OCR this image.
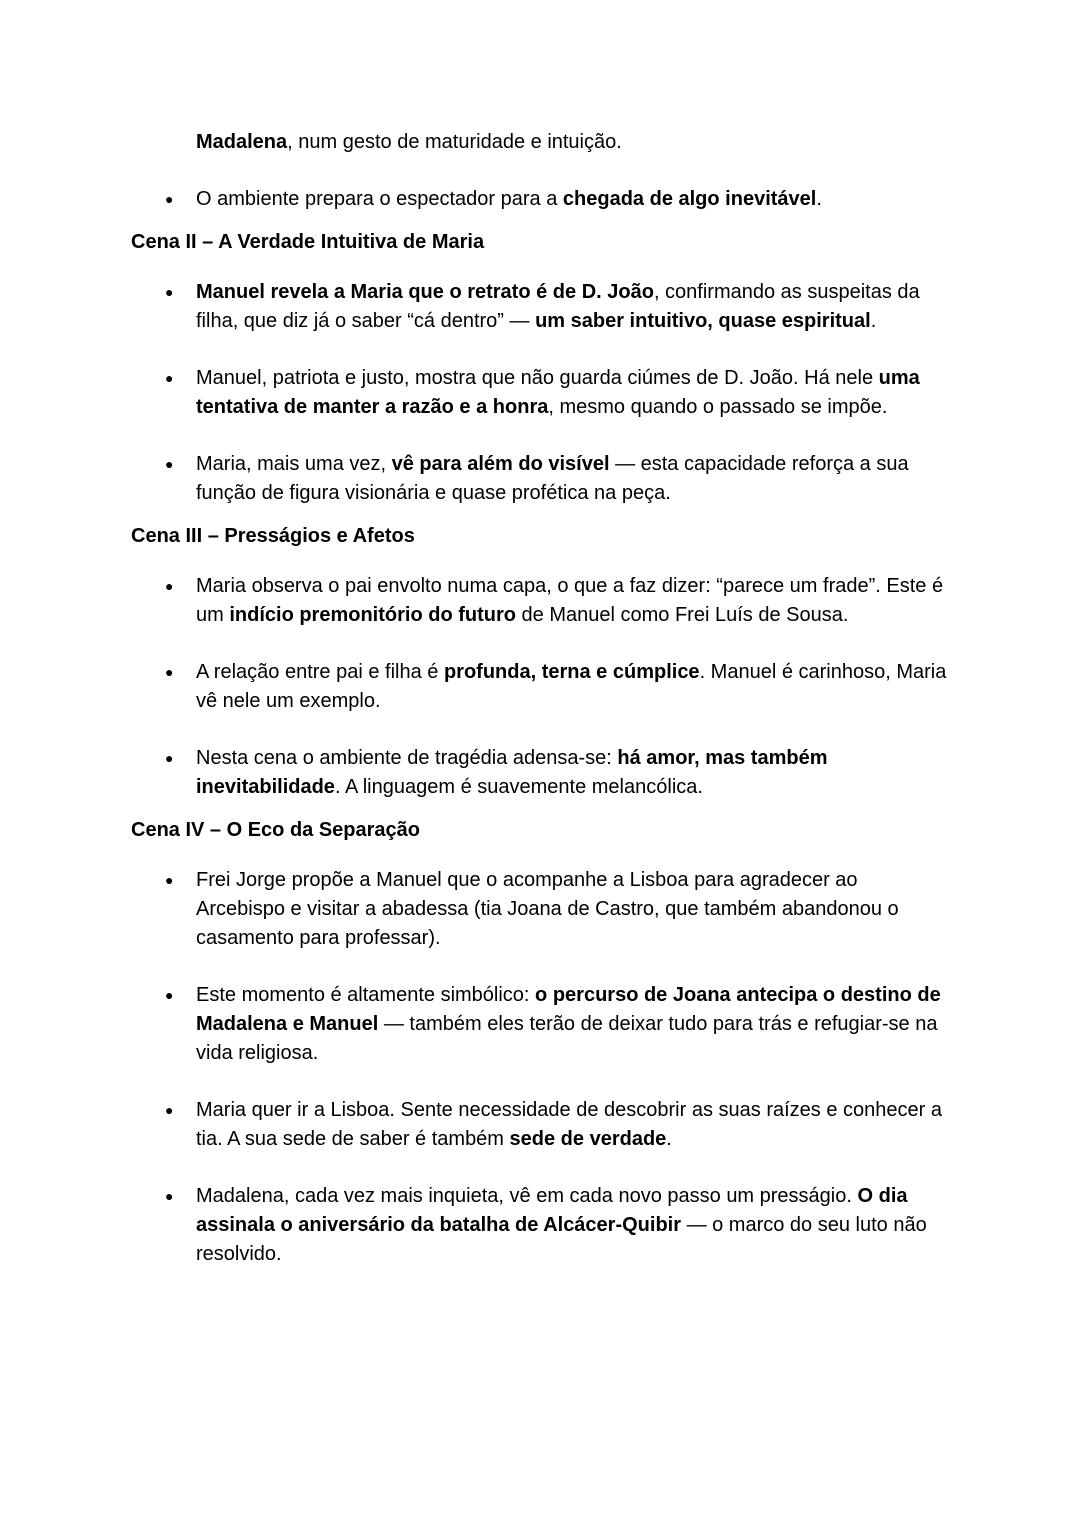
Madalena, num gesto de maturidade e intuição.

● O ambiente prepara o espectador para a chegada de algo inevitável.
Cena II – A Verdade Intuitiva de Maria
● Manuel revela a Maria que o retrato é de D. João, confirmando as suspeitas da filha, que diz já o saber “cá dentro” — um saber intuitivo, quase espiritual.
● Manuel, patriota e justo, mostra que não guarda ciúmes de D. João. Há nele uma tentativa de manter a razão e a honra, mesmo quando o passado se impõe.
● Maria, mais uma vez, vê para além do visível — esta capacidade reforça a sua função de figura visionária e quase profética na peça.
Cena III – Presságios e Afetos
● Maria observa o pai envolto numa capa, o que a faz dizer: “parece um frade”. Este é um indício premonitório do futuro de Manuel como Frei Luís de Sousa.
● A relação entre pai e filha é profunda, terna e cúmplice. Manuel é carinhoso, Maria vê nele um exemplo.
● Nesta cena o ambiente de tragédia adensa-se: há amor, mas também inevitabilidade. A linguagem é suavemente melancólica.
Cena IV – O Eco da Separação
● Frei Jorge propõe a Manuel que o acompanhe a Lisboa para agradecer ao Arcebispo e visitar a abadessa (tia Joana de Castro, que também abandonou o casamento para professar).
● Este momento é altamente simbólico: o percurso de Joana antecipa o destino de Madalena e Manuel — também eles terão de deixar tudo para trás e refugiar-se na vida religiosa.
● Maria quer ir a Lisboa. Sente necessidade de descobrir as suas raízes e conhecer a tia. A sua sede de saber é também sede de verdade.
● Madalena, cada vez mais inquieta, vê em cada novo passo um presságio. O dia assinala o aniversário da batalha de Alcácer-Quibir — o marco do seu luto não resolvido.
